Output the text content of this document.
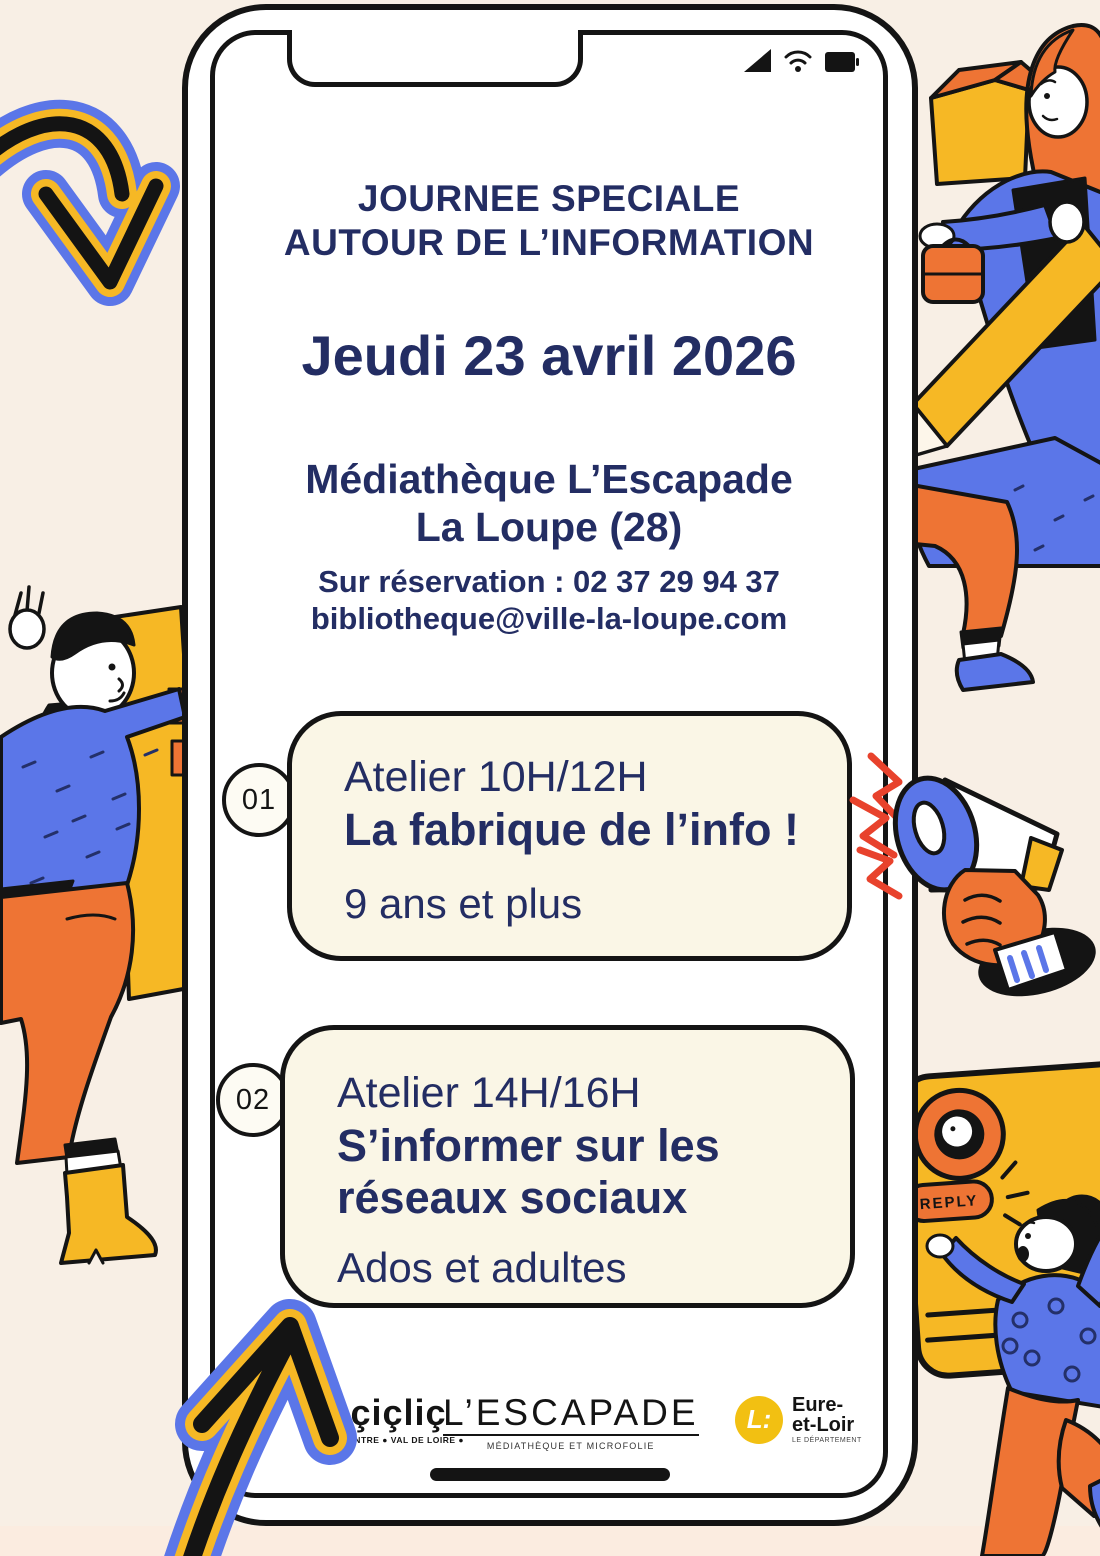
REPLY
JOURNEE SPECIALE
AUTOUR DE L’INFORMATION
Jeudi 23 avril 2026
Médiathèque L’Escapade
La Loupe (28)
Sur réservation : 02 37 29 94 37
bibliotheque@ville-la-loupe.com
01	Atelier 10H/12H
La fabrique de l’info !
9 ans et plus
02	Atelier 14H/16H
S’informer sur les réseaux sociaux
Ados et adultes
çiçliç
● CENTRE ● VAL DE LOIRE ●
L’ESCAPADE
MÉDIATHÈQUE ET MICROFOLIE
L:	Eure-
et-Loir
LE DÉPARTEMENT
